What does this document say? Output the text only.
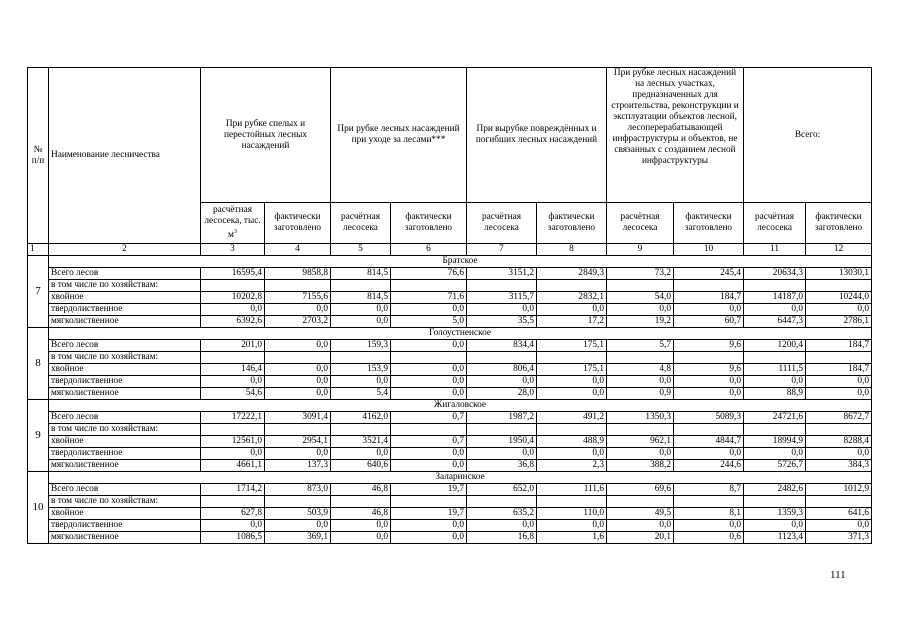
№ п/п	Наименование лесничества	При рубке спелых и перестойных лесных насаждений		При рубке лесных насаждений при уходе за лесами***		При вырубке повреждённых и погибших лесных насаждений		При рубке лесных насаждений на лесных участках, предназначенных для строительства, реконструкции и эксплуатации объектов лесной, лесоперерабатывающей инфраструктуры и объектов, не связанных с созданием лесной инфраструктуры		Всего:	
		расчётная лесосека, тыс. $м^3$	фактически заготовлено	расчётная лесосека	фактически заготовлено	расчётная лесосека	фактически заготовлено	расчётная лесосека	фактически заготовлено	расчётная лесосека	фактически заготовлено
1	2	3	4	5	6	7	8	9	10	11	12
7	Братское										
	Всего лесов	16595,4	9858,8	814,5	76,6	3151,2	2849,3	73,2	245,4	20634,3	13030,1
	в том числе по хозяйствам:										
	хвойное	10202,8	7155,6	814,5	71,6	3115,7	2832,1	54,0	184,7	14187,0	10244,0
	твердолиственное	0,0	0,0	0,0	0,0	0,0	0,0	0,0	0,0	0,0	0,0
	мягколиственное	6392,6	2703,2	0,0	5,0	35,5	17,2	19,2	60,7	6447,3	2786,1
8	Голоустненское										
	Всего лесов	201,0	0,0	159,3	0,0	834,4	175,1	5,7	9,6	1200,4	184,7
	в том числе по хозяйствам:										
	хвойное	146,4	0,0	153,9	0,0	806,4	175,1	4,8	9,6	1111,5	184,7
	твердолиственное	0,0	0,0	0,0	0,0	0,0	0,0	0,0	0,0	0,0	0,0
	мягколиственное	54,6	0,0	5,4	0,0	28,0	0,0	0,9	0,0	88,9	0,0
9	Жигаловское										
	Всего лесов	17222,1	3091,4	4162,0	0,7	1987,2	491,2	1350,3	5089,3	24721,6	8672,7
	в том числе по хозяйствам:										
	хвойное	12561,0	2954,1	3521,4	0,7	1950,4	488,9	962,1	4844,7	18994,9	8288,4
	твердолиственное	0,0	0,0	0,0	0,0	0,0	0,0	0,0	0,0	0,0	0,0
	мягколиственное	4661,1	137,3	640,6	0,0	36,8	2,3	388,2	244,6	5726,7	384,3
10	Заларинское										
	Всего лесов	1714,2	873,0	46,8	19,7	652,0	111,6	69,6	8,7	2482,6	1012,9
	в том числе по хозяйствам:										
	хвойное	627,8	503,9	46,8	19,7	635,2	110,0	49,5	8,1	1359,3	641,6
	твердолиственное	0,0	0,0	0,0	0,0	0,0	0,0	0,0	0,0	0,0	0,0
	мягколиственное	1086,5	369,1	0,0	0,0	16,8	1,6	20,1	0,6	1123,4	371,3
111
